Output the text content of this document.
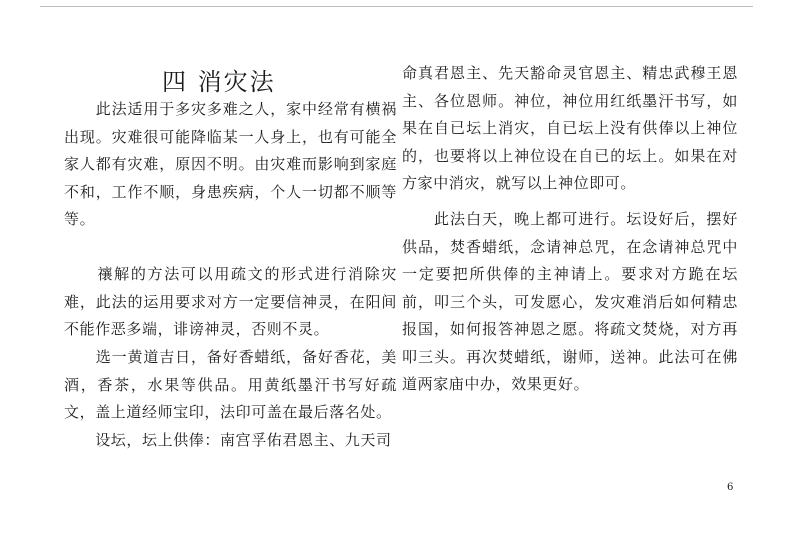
四 消灾法

　　此法适用于多灾多难之人，家中经常有横祸出现。灾难很可能降临某一人身上，也有可能全家人都有灾难，原因不明。由灾难而影响到家庭不和，工作不顺，身患疾病，个人一切都不顺等等。

　　禳解的方法可以用疏文的形式进行消除灾难，此法的运用要求对方一定要信神灵，在阳间不能作恶多端，诽谤神灵，否则不灵。

　　选一黄道吉日，备好香蜡纸，备好香花，美酒，香茶，水果等供品。用黄纸墨汗书写好疏文，盖上道经师宝印，法印可盖在最后落名处。

　　设坛，坛上供俸：南宫孚佑君恩主、九天司

命真君恩主、先天豁命灵官恩主、精忠武穆王恩主、各位恩师。神位，神位用红纸墨汗书写，如果在自已坛上消灾，自已坛上没有供俸以上神位的，也要将以上神位设在自已的坛上。如果在对方家中消灾，就写以上神位即可。

　　此法白天，晚上都可进行。坛设好后，摆好供品，焚香蜡纸，念请神总咒，在念请神总咒中一定要把所供俸的主神请上。要求对方跪在坛前，叩三个头，可发愿心，发灾难消后如何精忠报国，如何报答神恩之愿。将疏文焚烧，对方再叩三头。再次焚蜡纸，谢师，送神。此法可在佛道两家庙中办，效果更好。

6
